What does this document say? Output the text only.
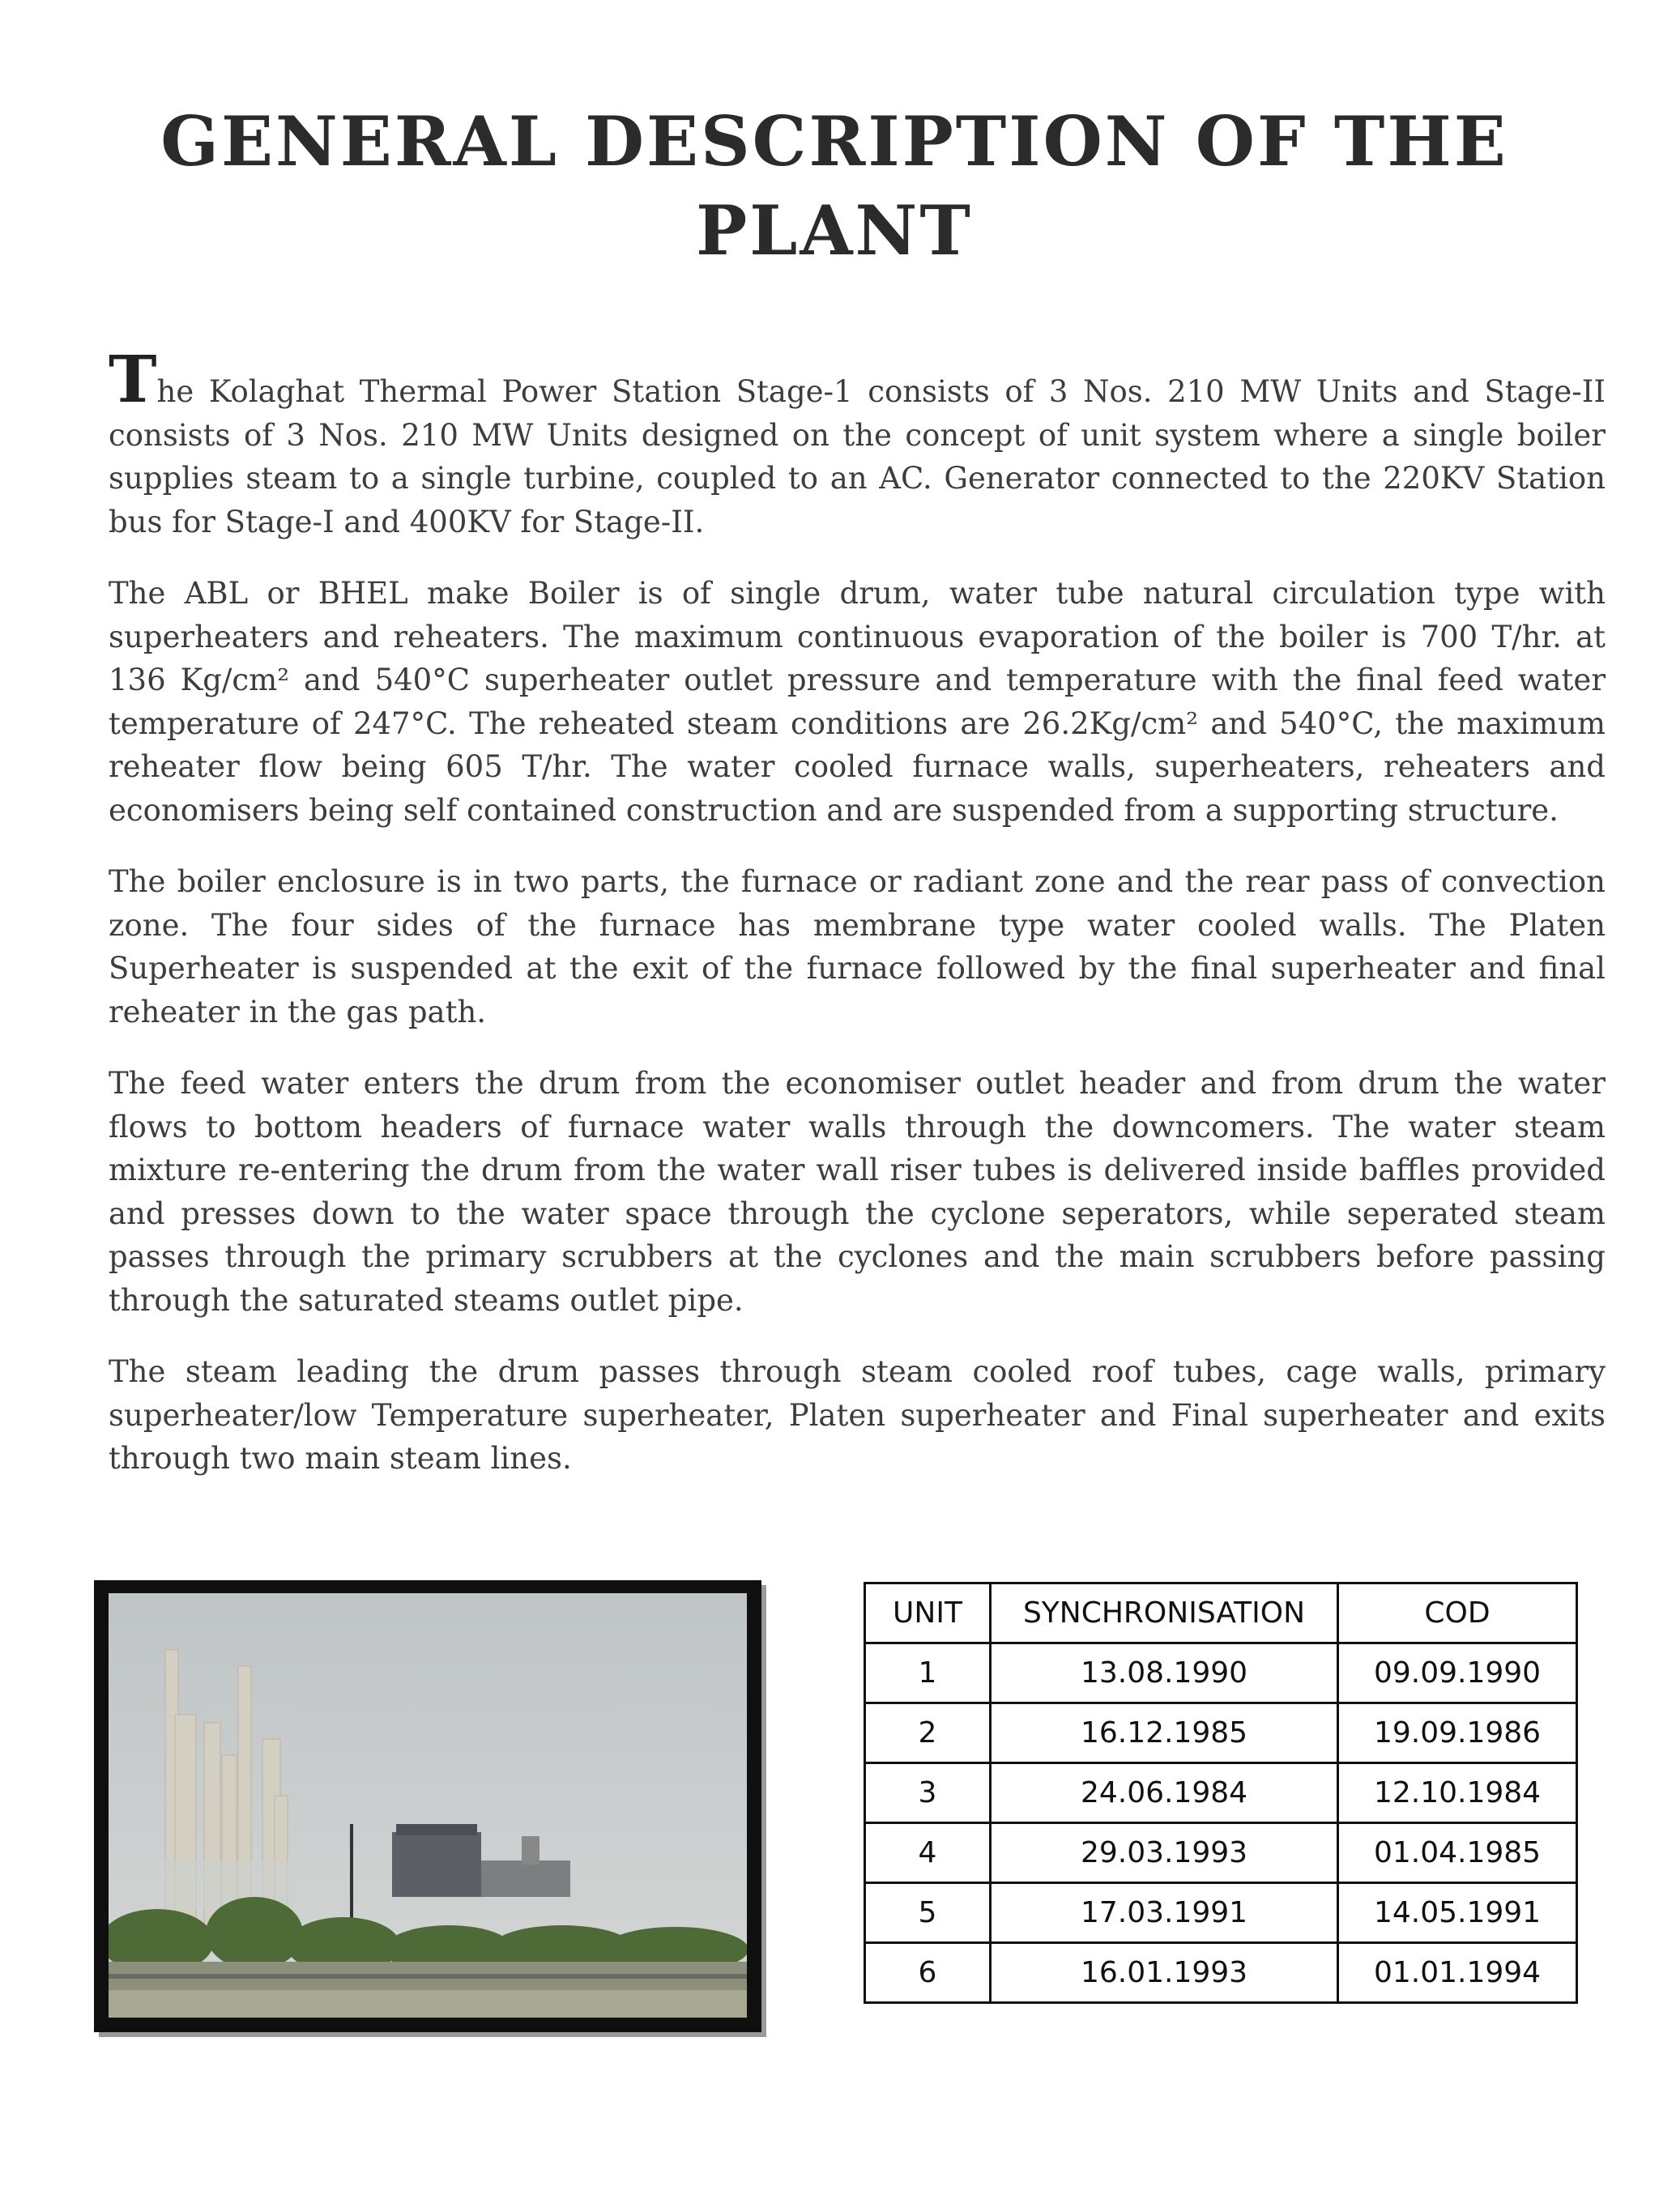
GENERAL DESCRIPTION OF THE
PLANT

The Kolaghat Thermal Power Station Stage-1 consists of 3 Nos. 210 MW Units and Stage-II consists of 3 Nos. 210 MW Units designed on the concept of unit system where a single boiler supplies steam to a single turbine, coupled to an AC. Generator connected to the 220KV Station bus for Stage-I and 400KV for Stage-II.

The ABL or BHEL make Boiler is of single drum, water tube natural circulation type with superheaters and reheaters. The maximum continuous evaporation of the boiler is 700 T/hr. at 136 Kg/cm² and 540°C superheater outlet pressure and temperature with the final feed water temperature of 247°C. The reheated steam conditions are 26.2Kg/cm² and 540°C, the maximum reheater flow being 605 T/hr. The water cooled furnace walls, superheaters, reheaters and economisers being self contained construction and are suspended from a supporting structure.

The boiler enclosure is in two parts, the furnace or radiant zone and the rear pass of convection zone. The four sides of the furnace has membrane type water cooled walls. The Platen Superheater is suspended at the exit of the furnace followed by the final superheater and final reheater in the gas path.

The feed water enters the drum from the economiser outlet header and from drum the water flows to bottom headers of furnace water walls through the downcomers. The water steam mixture re-entering the drum from the water wall riser tubes is delivered inside baffles provided and presses down to the water space through the cyclone seperators, while seperated steam passes through the primary scrubbers at the cyclones and the main scrubbers before passing through the saturated steams outlet pipe.

The steam leading the drum passes through steam cooled roof tubes, cage walls, primary superheater/low Temperature superheater, Platen superheater and Final superheater and exits through two main steam lines.

UNIT	SYNCHRONISATION	COD
1	13.08.1990	09.09.1990
2	16.12.1985	19.09.1986
3	24.06.1984	12.10.1984
4	29.03.1993	01.04.1985
5	17.03.1991	14.05.1991
6	16.01.1993	01.01.1994
